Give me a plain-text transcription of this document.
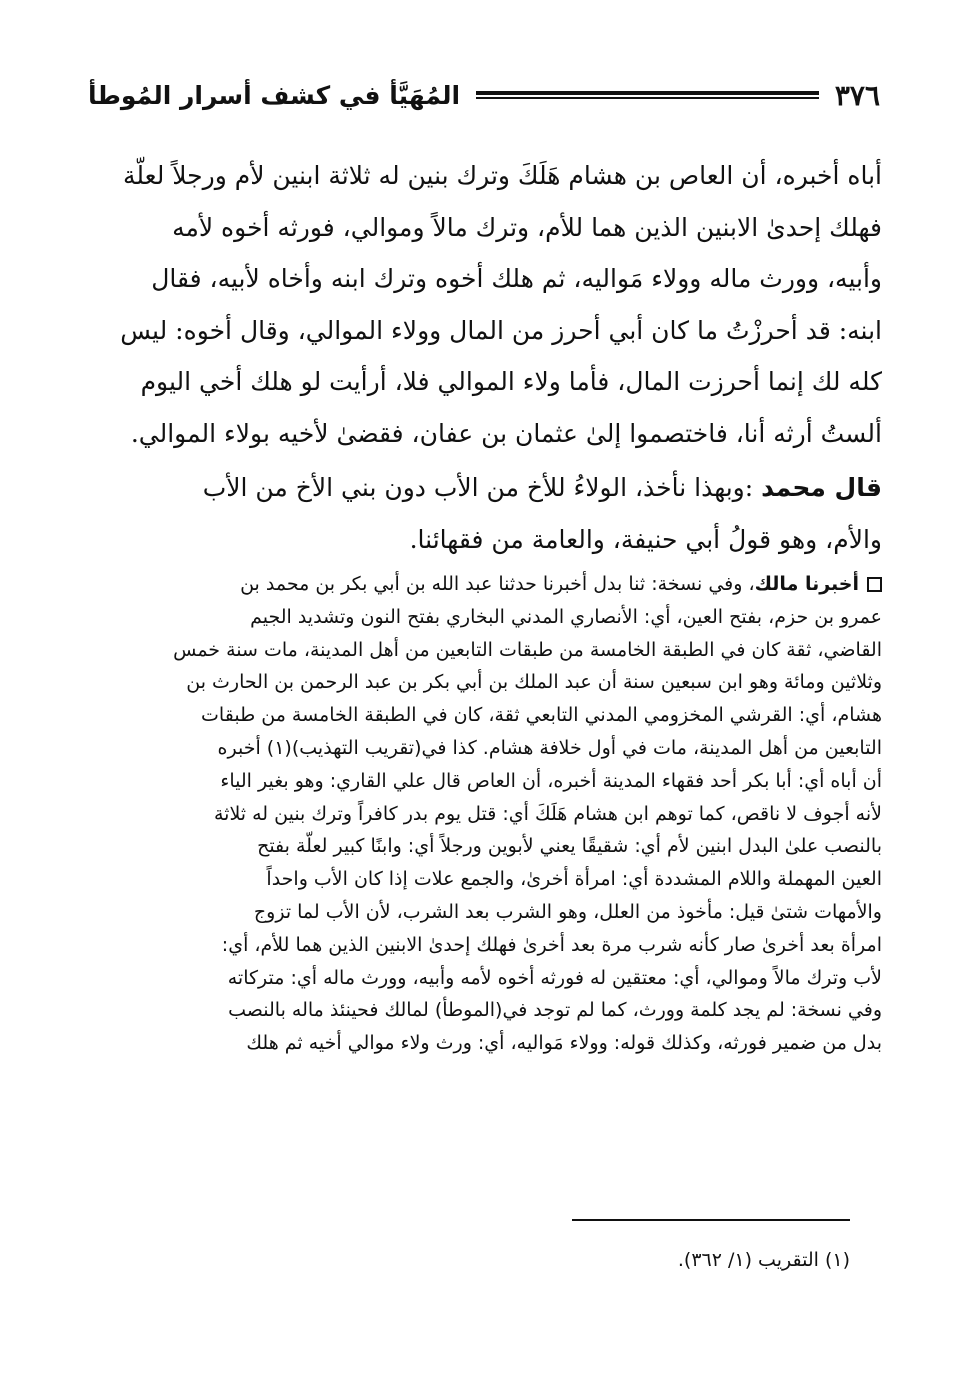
٣٧٦
المُهَيَّأ في كشف أسرار المُوطأ
أباه أخبره، أن العاص بن هشام هَلَكَ وترك بنين له ثلاثة ابنين لأم ورجلاً لعلّة
فهلك إحدىٰ الابنين الذين هما للأم، وترك مالاً وموالي، فورثه أخوه لأمه
وأبيه، وورث ماله وولاء مَواليه، ثم هلك أخوه وترك ابنه وأخاه لأبيه، فقال
ابنه: قد أحرزْتُ ما كان أبي أحرز من المال وولاء الموالي، وقال أخوه: ليس
كله لك إنما أحرزت المال، فأما ولاء الموالي فلا، أرأيت لو هلك أخي اليوم
ألستُ أرثه أنا، فاختصموا إلىٰ عثمان بن عفان، فقضىٰ لأخيه بولاء الموالي.
قال محمد :وبهذا نأخذ، الولاءُ للأخ من الأب دون بني الأخ من الأب
والأم، وهو قولُ أبي حنيفة، والعامة من فقهائنا.
أخبرنا مالك، وفي نسخة: ثنا بدل أخبرنا حدثنا عبد الله بن أبي بكر بن محمد بن
عمرو بن حزم، بفتح العين، أي: الأنصاري المدني البخاري بفتح النون وتشديد الجيم
القاضي، ثقة كان في الطبقة الخامسة من طبقات التابعين من أهل المدينة، مات سنة خمس
وثلاثين ومائة وهو ابن سبعين سنة أن عبد الملك بن أبي بكر بن عبد الرحمن بن الحارث بن
هشام، أي: القرشي المخزومي المدني التابعي ثقة، كان في الطبقة الخامسة من طبقات
التابعين من أهل المدينة، مات في أول خلافة هشام. كذا في(تقريب التهذيب)(١) أخبره
أن أباه أي: أبا بكر أحد فقهاء المدينة أخبره، أن العاص قال علي القاري: وهو بغير الياء
لأنه أجوف لا ناقص، كما توهم ابن هشام هَلَكَ أي: قتل يوم بدر كافراً وترك بنين له ثلاثة
بالنصب علىٰ البدل ابنين لأم أي: شقيقًا يعني لأبوين ورجلاً أي: وابنًا كبير لعلّة بفتح
العين المهملة واللام المشددة أي: امرأة أخرىٰ، والجمع علات إذا كان الأب واحداً
والأمهات شتىٰ قيل: مأخوذ من العلل، وهو الشرب بعد الشرب، لأن الأب لما تزوج
امرأة بعد أخرىٰ صار كأنه شرب مرة بعد أخرىٰ فهلك إحدىٰ الابنين الذين هما للأم، أي:
لأب وترك مالاً وموالي، أي: معتقين له فورثه أخوه لأمه وأبيه، وورث ماله أي: متركاته
وفي نسخة: لم يجد كلمة وورث، كما لم توجد في(الموطأ) لمالك فحينئذ ماله بالنصب
بدل من ضمير فورثه، وكذلك قوله: وولاء مَواليه، أي: ورث ولاء موالي أخيه ثم هلك
(١) التقريب (١/ ٣٦٢).
